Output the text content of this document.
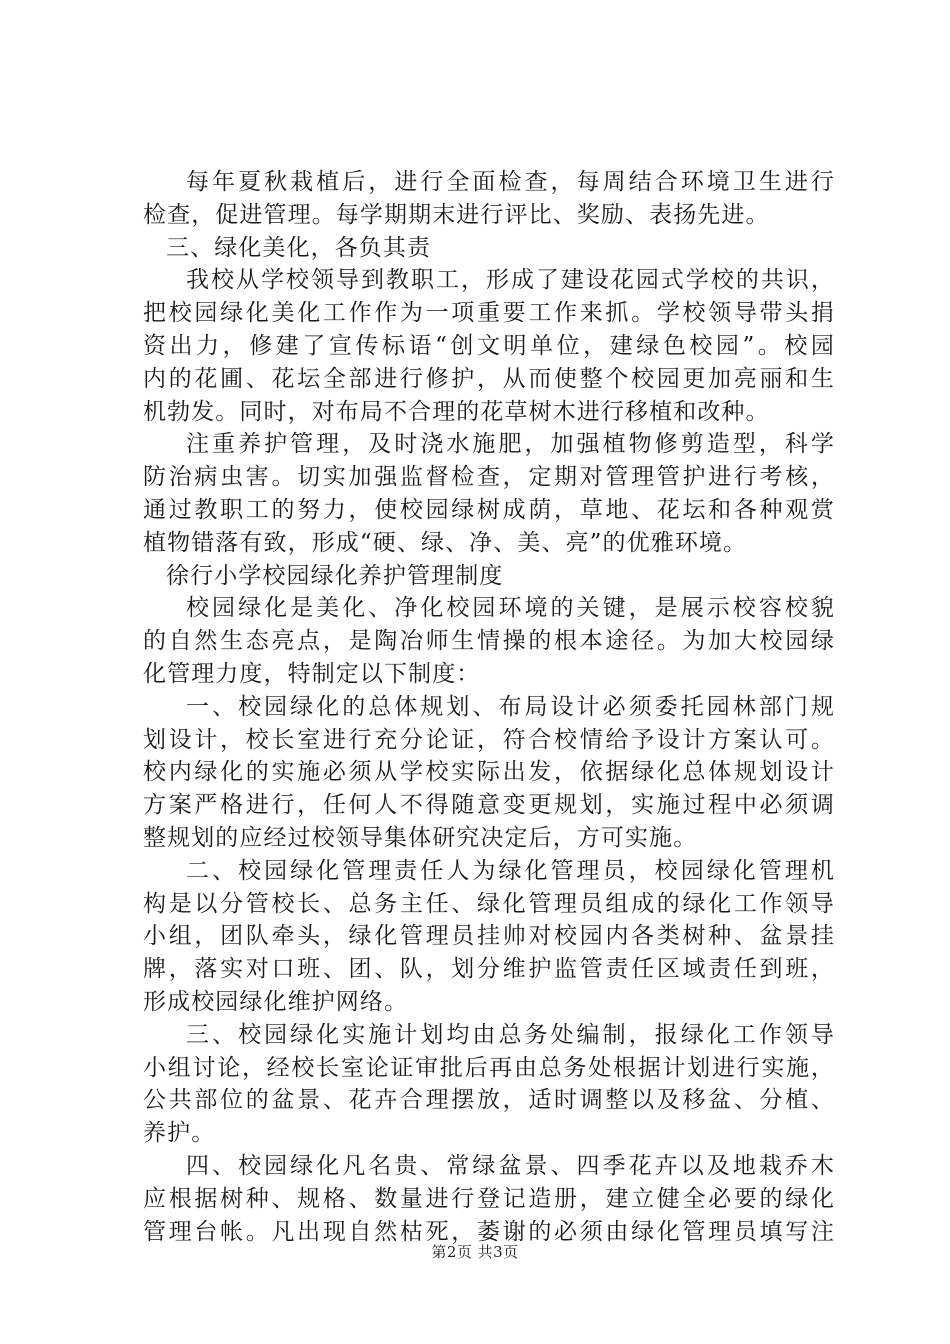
每年夏秋栽植后，进行全面检查，每周结合环境卫生进行
检查，促进管理。每学期期末进行评比、奖励、表扬先进。
三、绿化美化，各负其责
我校从学校领导到教职工，形成了建设花园式学校的共识，
把校园绿化美化工作作为一项重要工作来抓。学校领导带头捐
资出力，修建了宣传标语“创文明单位，建绿色校园”。校园
内的花圃、花坛全部进行修护，从而使整个校园更加亮丽和生
机勃发。同时，对布局不合理的花草树木进行移植和改种。
注重养护管理，及时浇水施肥，加强植物修剪造型，科学
防治病虫害。切实加强监督检查，定期对管理管护进行考核，
通过教职工的努力，使校园绿树成荫，草地、花坛和各种观赏
植物错落有致，形成“硬、绿、净、美、亮”的优雅环境。
徐行小学校园绿化养护管理制度
校园绿化是美化、净化校园环境的关键，是展示校容校貌
的自然生态亮点，是陶冶师生情操的根本途径。为加大校园绿
化管理力度，特制定以下制度：
一、校园绿化的总体规划、布局设计必须委托园林部门规
划设计，校长室进行充分论证，符合校情给予设计方案认可。
校内绿化的实施必须从学校实际出发，依据绿化总体规划设计
方案严格进行，任何人不得随意变更规划，实施过程中必须调
整规划的应经过校领导集体研究决定后，方可实施。
二、校园绿化管理责任人为绿化管理员，校园绿化管理机
构是以分管校长、总务主任、绿化管理员组成的绿化工作领导
小组，团队牵头，绿化管理员挂帅对校园内各类树种、盆景挂
牌，落实对口班、团、队，划分维护监管责任区域责任到班，
形成校园绿化维护网络。
三、校园绿化实施计划均由总务处编制，报绿化工作领导
小组讨论，经校长室论证审批后再由总务处根据计划进行实施，
公共部位的盆景、花卉合理摆放，适时调整以及移盆、分植、
养护。
四、校园绿化凡名贵、常绿盆景、四季花卉以及地栽乔木
应根据树种、规格、数量进行登记造册，建立健全必要的绿化
管理台帐。凡出现自然枯死，萎谢的必须由绿化管理员填写注
第2页 共3页
